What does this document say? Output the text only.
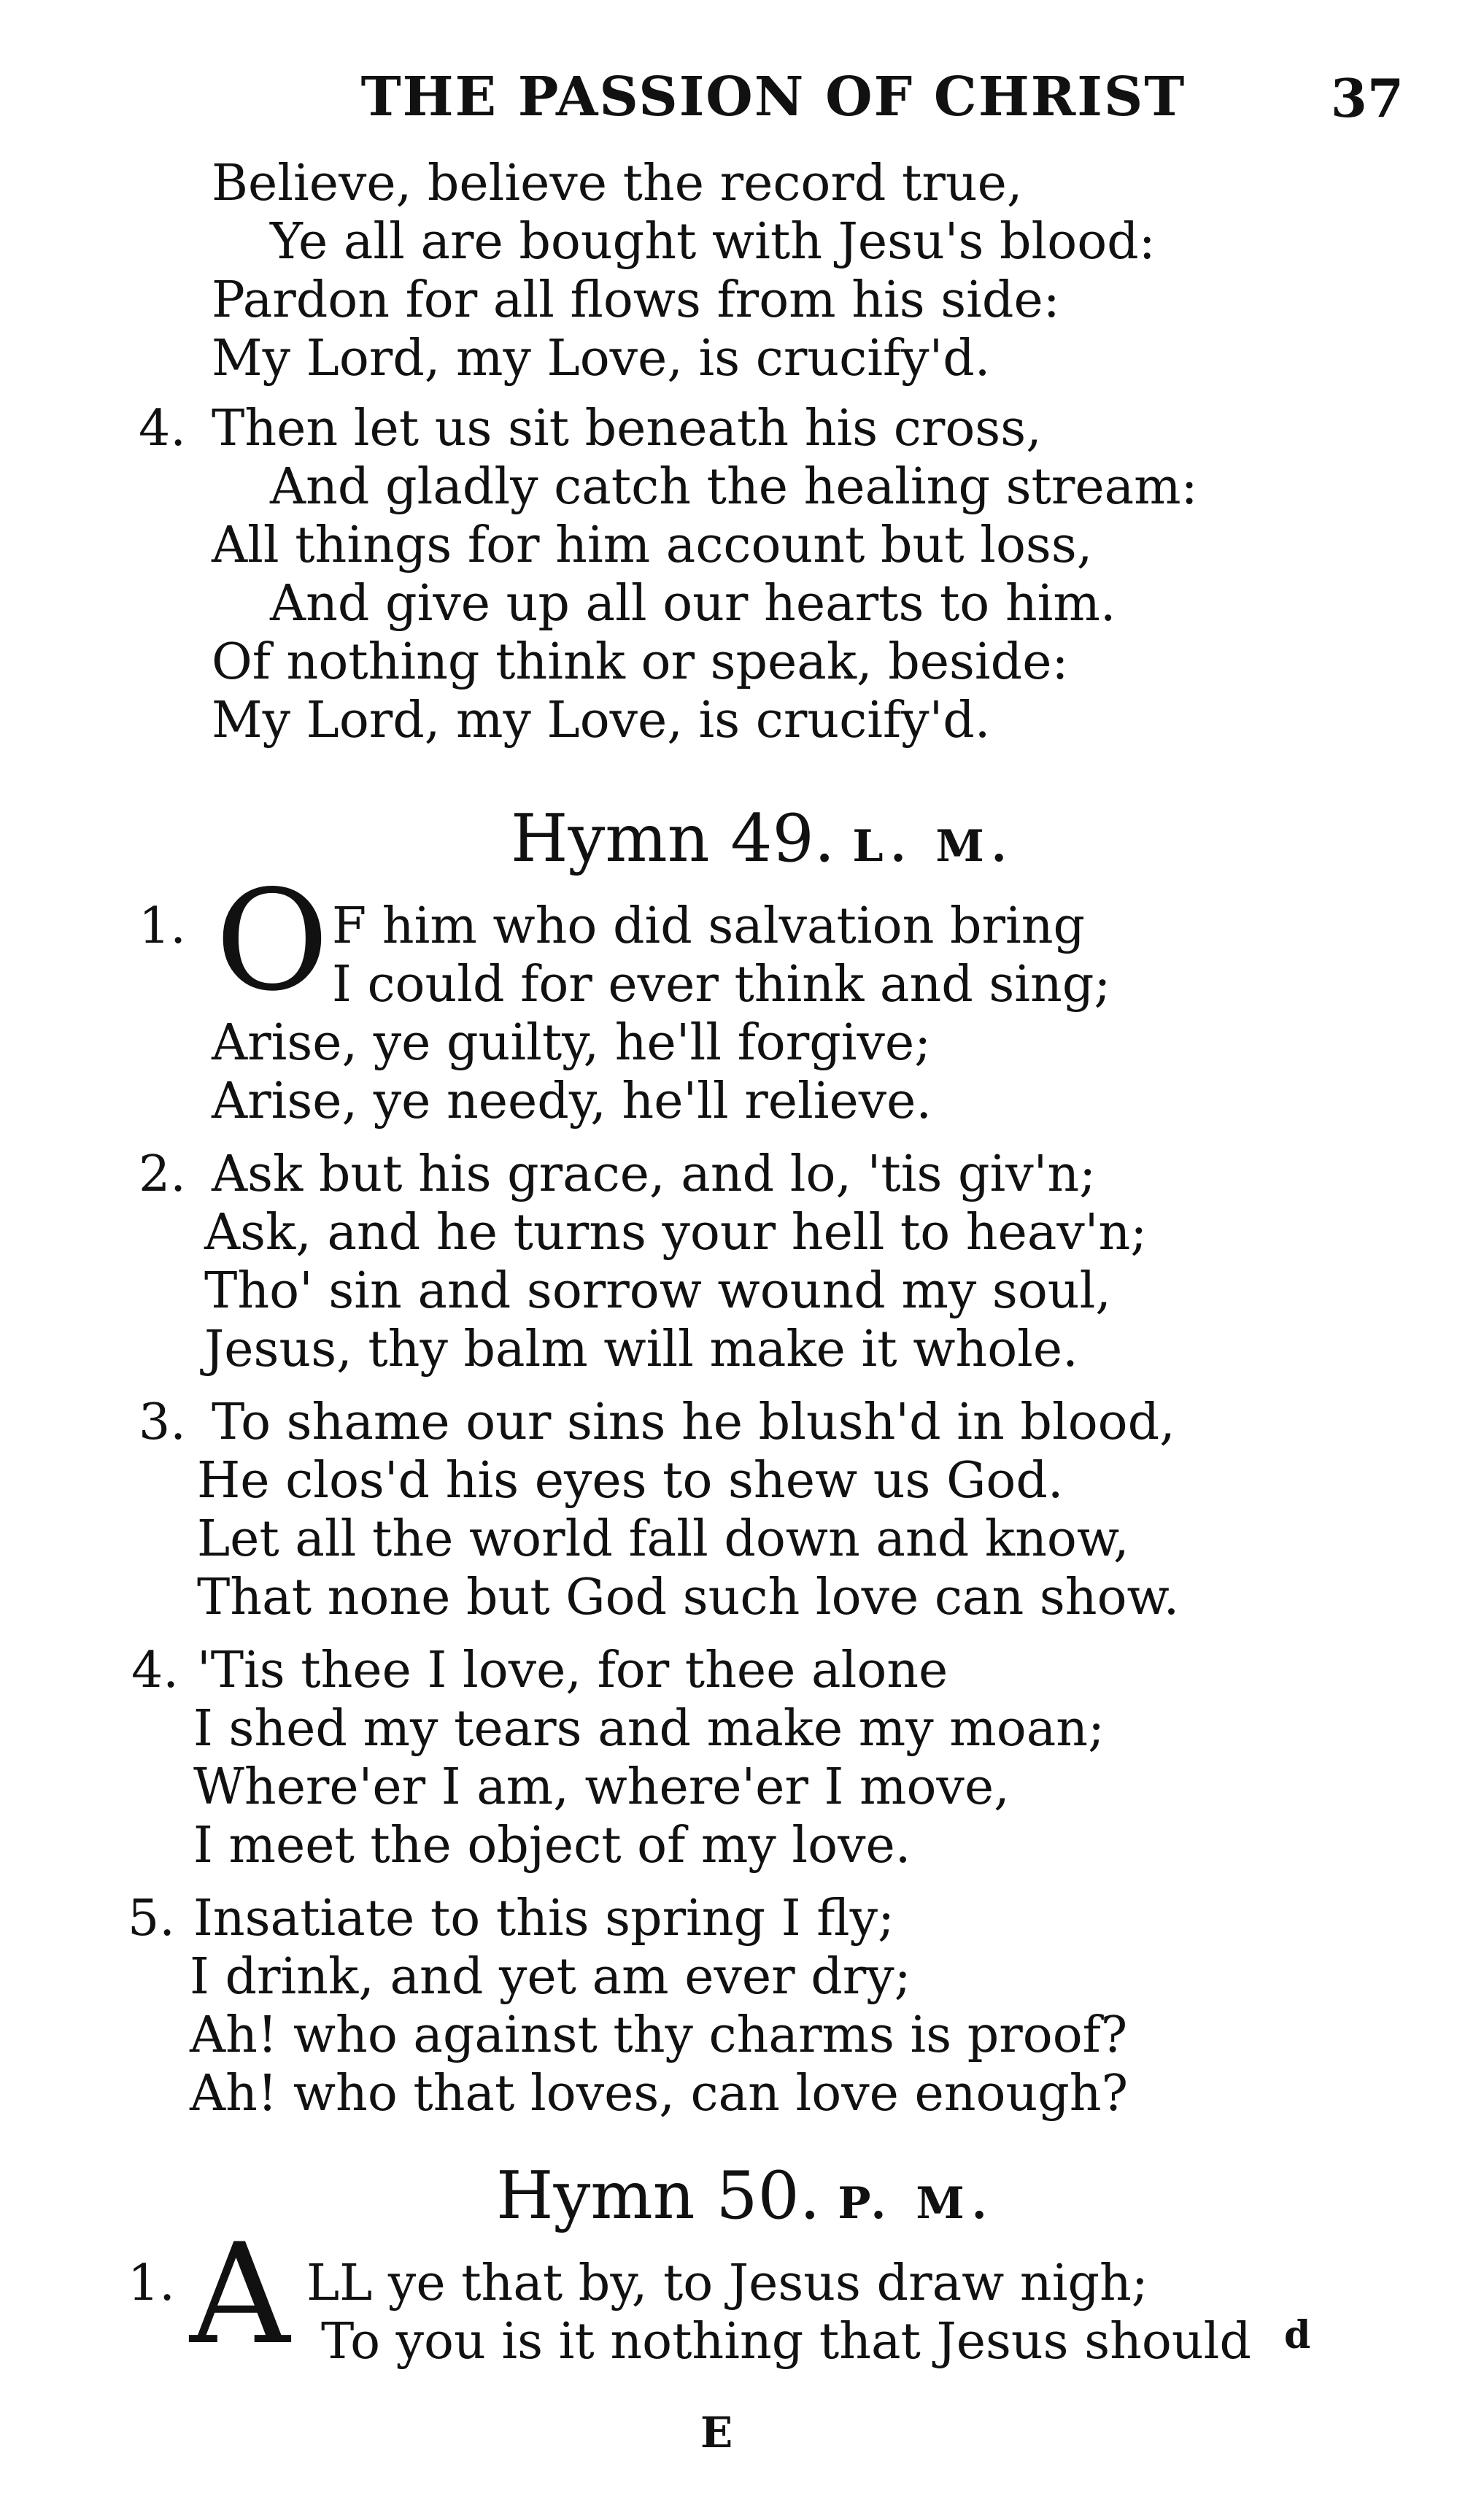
THE PASSION OF CHRIST	37
Believe, believe the record true,
Ye all are bought with Jesu's blood:
Pardon for all flows from his side:
My Lord, my Love, is crucify'd.
4. Then let us sit beneath his cross,
And gladly catch the healing stream:
All things for him account but loss,
And give up all our hearts to him.
Of nothing think or speak, beside:
My Lord, my Love, is crucify'd.
Hymn 49. L. M.
1. O F him who did salvation bring
I could for ever think and sing;
Arise, ye guilty, he'll forgive;
Arise, ye needy, he'll relieve.
2. Ask but his grace, and lo, 'tis giv'n;
Ask, and he turns your hell to heav'n;
Tho' sin and sorrow wound my soul,
Jesus, thy balm will make it whole.
3. To shame our sins he blush'd in blood,
He clos'd his eyes to shew us God.
Let all the world fall down and know,
That none but God such love can show.
4. 'Tis thee I love, for thee alone
I shed my tears and make my moan;
Where'er I am, where'er I move,
I meet the object of my love.
5. Insatiate to this spring I fly;
I drink, and yet am ever dry;
Ah! who against thy charms is proof?
Ah! who that loves, can love enough?
Hymn 50. P. M.
1. A LL ye that by, to Jesus draw nigh;
To you is it nothing that Jesus should d
E
